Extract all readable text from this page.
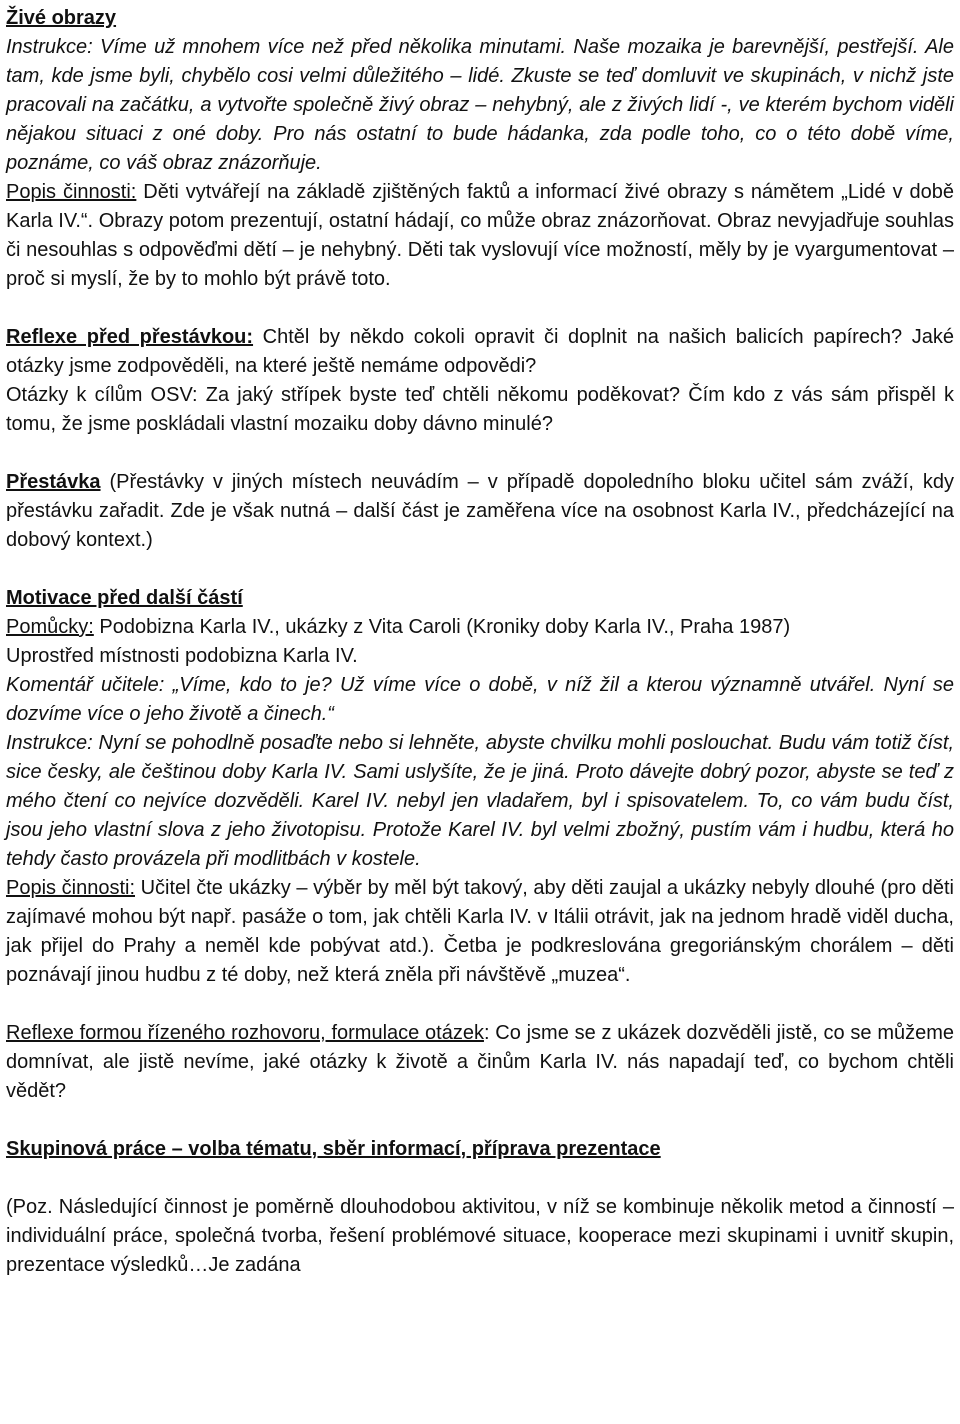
Živé obrazy

Instrukce: Víme už mnohem více než před několika minutami. Naše mozaika je barevnější, pestřejší. Ale tam, kde jsme byli, chybělo cosi velmi důležitého – lidé. Zkuste se teď domluvit ve skupinách, v nichž jste pracovali na začátku, a vytvořte společně živý obraz – nehybný, ale z živých lidí -, ve kterém bychom viděli nějakou situaci z oné doby. Pro nás ostatní to bude hádanka, zda podle toho, co o této době víme, poznáme, co váš obraz znázorňuje.

Popis činnosti: Děti vytvářejí na základě zjištěných faktů a informací živé obrazy s námětem „Lidé v době Karla IV.“. Obrazy potom prezentují, ostatní hádají, co může obraz znázorňovat. Obraz nevyjadřuje souhlas či nesouhlas s odpověďmi dětí – je nehybný. Děti tak vyslovují více možností, měly by je vyargumentovat – proč si myslí, že by to mohlo být právě toto.

Reflexe před přestávkou: Chtěl by někdo cokoli opravit či doplnit na našich balicích papírech? Jaké otázky jsme zodpověděli, na které ještě nemáme odpovědi?

Otázky k cílům OSV: Za jaký střípek byste teď chtěli někomu poděkovat? Čím kdo z vás sám přispěl k tomu, že jsme poskládali vlastní mozaiku doby dávno minulé?

Přestávka (Přestávky v jiných místech neuvádím – v případě dopoledního bloku učitel sám zváží, kdy přestávku zařadit. Zde je však nutná – další část je zaměřena více na osobnost Karla IV., předcházející na dobový kontext.)

Motivace před další částí

Pomůcky: Podobizna Karla IV., ukázky z Vita Caroli (Kroniky doby Karla IV., Praha 1987)

Uprostřed místnosti podobizna Karla IV.

Komentář učitele: „Víme, kdo to je? Už víme více o době, v níž žil a kterou významně utvářel. Nyní se dozvíme více o jeho životě a činech.“

Instrukce: Nyní se pohodlně posaďte nebo si lehněte, abyste chvilku mohli poslouchat. Budu vám totiž číst, sice česky, ale češtinou doby Karla IV. Sami uslyšíte, že je jiná. Proto dávejte dobrý pozor, abyste se teď z mého čtení co nejvíce dozvěděli. Karel IV. nebyl jen vladařem, byl i spisovatelem. To, co vám budu číst, jsou jeho vlastní slova z jeho životopisu. Protože Karel IV. byl velmi zbožný, pustím vám i hudbu, která ho tehdy často provázela při modlitbách v kostele.

Popis činnosti: Učitel čte ukázky – výběr by měl být takový, aby děti zaujal a ukázky nebyly dlouhé (pro děti zajímavé mohou být např. pasáže o tom, jak chtěli Karla IV. v Itálii otrávit, jak na jednom hradě viděl ducha, jak přijel do Prahy a neměl kde pobývat atd.). Četba je podkreslována gregoriánským chorálem – děti poznávají jinou hudbu z té doby, než která zněla při návštěvě „muzea“.

Reflexe formou řízeného rozhovoru, formulace otázek: Co jsme se z ukázek dozvěděli jistě, co se můžeme domnívat, ale jistě nevíme, jaké otázky k životě a činům Karla IV. nás napadají teď, co bychom chtěli vědět?

Skupinová práce – volba tématu, sběr informací, příprava prezentace

(Poz. Následující činnost je poměrně dlouhodobou aktivitou, v níž se kombinuje několik metod a činností – individuální práce, společná tvorba, řešení problémové situace, kooperace mezi skupinami i uvnitř skupin, prezentace výsledků…Je zadána
